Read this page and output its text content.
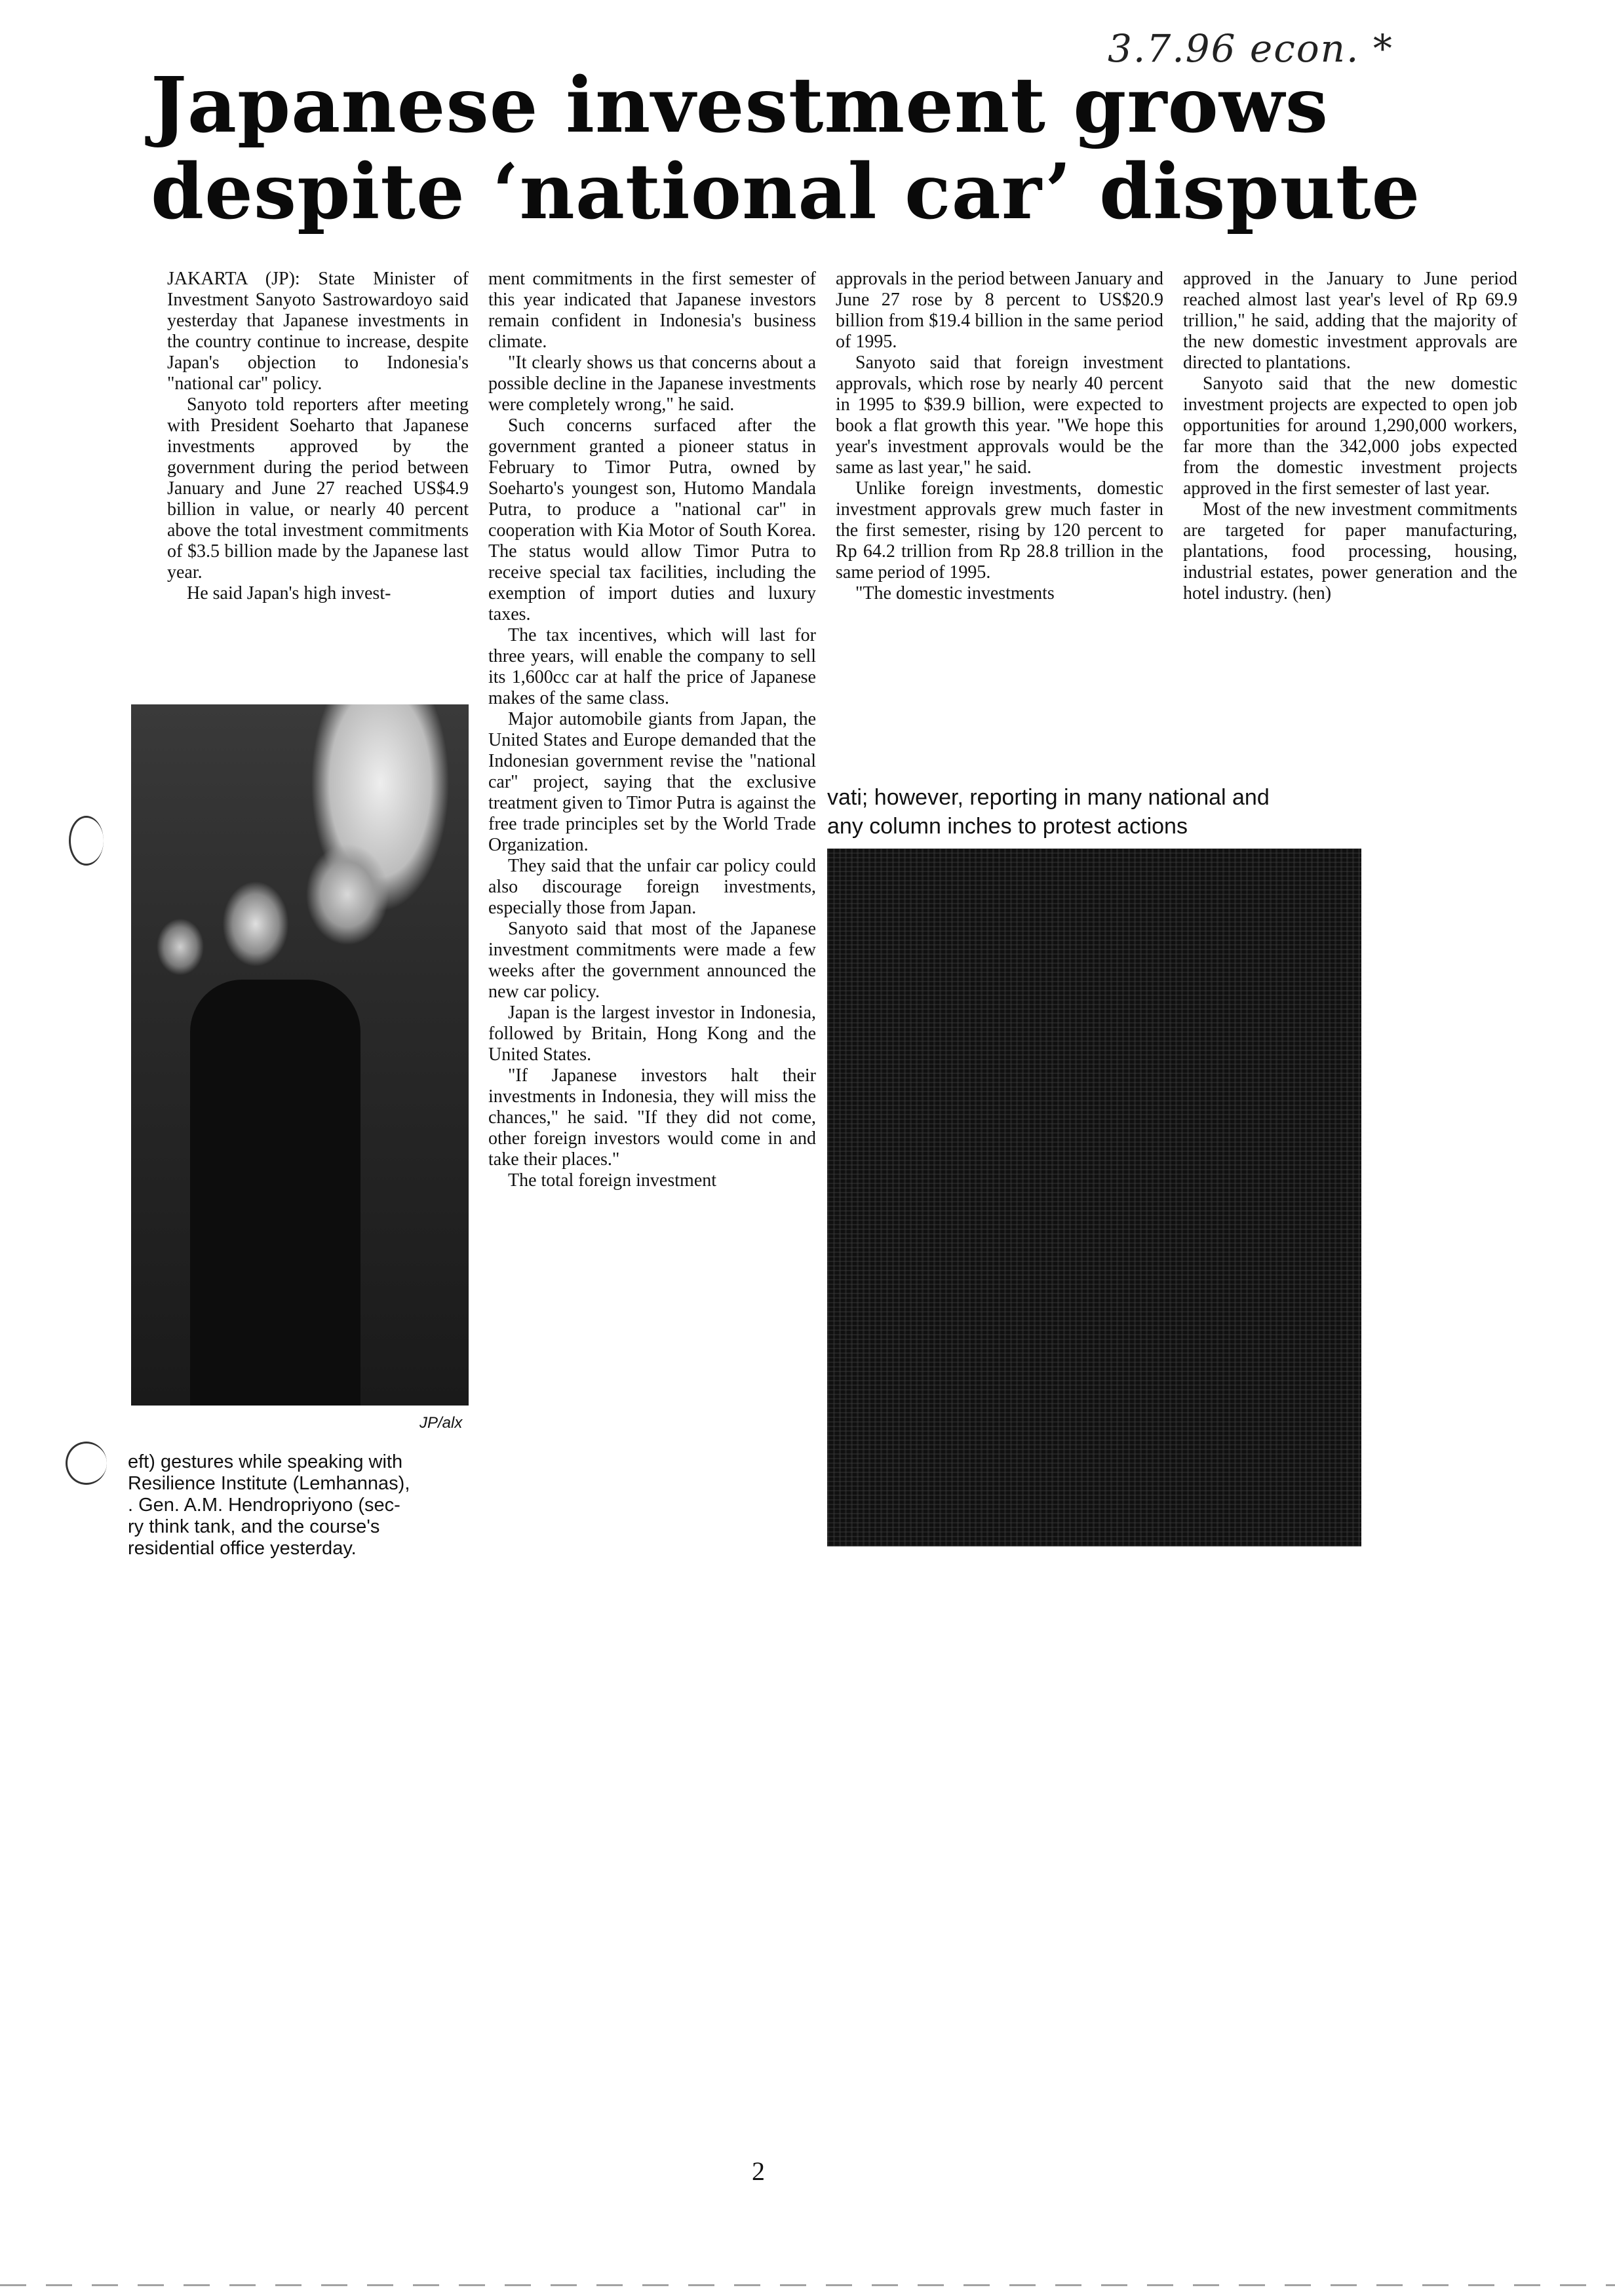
3.7.96 econ. *
Japanese investment grows
despite ‘national car’ dispute

JAKARTA (JP): State Minister of Investment Sanyoto Sastrowardoyo said yesterday that Japanese investments in the country continue to increase, despite Japan's objection to Indonesia's "national car" policy.

Sanyoto told reporters after meeting with President Soeharto that Japanese investments approved by the government during the period between January and June 27 reached US$4.9 billion in value, or nearly 40 percent above the total investment commitments of $3.5 billion made by the Japanese last year.

He said Japan's high invest-

JP/alx
eft) gestures while speaking with
Resilience Institute (Lemhannas),
. Gen. A.M. Hendropriyono (sec-
ry think tank, and the course's
residential office yesterday.

ment commitments in the first semester of this year indicated that Japanese investors remain confident in Indonesia's business climate.

"It clearly shows us that concerns about a possible decline in the Japanese investments were completely wrong," he said.

Such concerns surfaced after the government granted a pioneer status in February to Timor Putra, owned by Soeharto's youngest son, Hutomo Mandala Putra, to produce a "national car" in cooperation with Kia Motor of South Korea. The status would allow Timor Putra to receive special tax facilities, including the exemption of import duties and luxury taxes.

The tax incentives, which will last for three years, will enable the company to sell its 1,600cc car at half the price of Japanese makes of the same class.

Major automobile giants from Japan, the United States and Europe demanded that the Indonesian government revise the "national car" project, saying that the exclusive treatment given to Timor Putra is against the free trade principles set by the World Trade Organization.

They said that the unfair car policy could also discourage foreign investments, especially those from Japan.

Sanyoto said that most of the Japanese investment commitments were made a few weeks after the government announced the new car policy.

Japan is the largest investor in Indonesia, followed by Britain, Hong Kong and the United States.

"If Japanese investors halt their investments in Indonesia, they will miss the chances," he said. "If they did not come, other foreign investors would come in and take their places."

The total foreign investment

approvals in the period between January and June 27 rose by 8 percent to US$20.9 billion from $19.4 billion in the same period of 1995.

Sanyoto said that foreign investment approvals, which rose by nearly 40 percent in 1995 to $39.9 billion, were expected to book a flat growth this year. "We hope this year's investment approvals would be the same as last year," he said.

Unlike foreign investments, domestic investment approvals grew much faster in the first semester, rising by 120 percent to Rp 64.2 trillion from Rp 28.8 trillion in the same period of 1995.

"The domestic investments

approved in the January to June period reached almost last year's level of Rp 69.9 trillion," he said, adding that the majority of the new domestic investment approvals are directed to plantations.

Sanyoto said that the new domestic investment projects are expected to open job opportunities for around 1,290,000 workers, far more than the 342,000 jobs expected from the domestic investment projects approved in the first semester of last year.

Most of the new investment commitments are targeted for paper manufacturing, plantations, food processing, housing, industrial estates, power generation and the hotel industry. (hen)

vati; however, reporting in many national and
any column inches to protest actions
2
